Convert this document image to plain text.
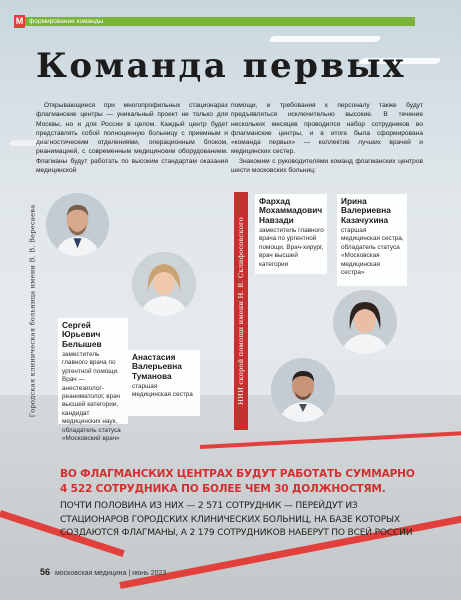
M формирование команды
Команда первых

Открывающиеся при многопрофильных стационарах флагманские центры — уникальный проект не только для Москвы, но и для России в целом. Каждый центр будет представлять собой полноценную больницу с приемным и диагностическим отделениями, операционным блоком, реанимацией, с современным медицинским оборудованием. Флагманы будут работать по высоким стандартам оказания медицинской

помощи, и требования к персоналу также будут предъявляться исключительно высокие. В течение нескольких месяцев проводился набор сотрудников во флагманские центры, и в итоге была сформирована «команда первых» — коллектив лучших врачей и медицинских сестер.

Знакомим с руководителями команд флагманских центров шести московских больниц:

Городская клиническая больница имени В. В. Вересаева	НИИ скорой помощи имени Н. В. Склифосовского
Сергей Юрьевич Белышев
заместитель главного врача по ургентной помощи. Врач — анестезиолог-реаниматолог, врач высшей категории, кандидат медицинских наук, обладатель статуса «Московский врач»
Анастасия Валерьевна Туманова
старшая медицинская сестра
Фархад Мохаммадович Навзади
заместитель главного врача по ургентной помощи. Врач-хирург, врач высшей категории
Ирина Валериевна Казачухина
старшая медицинская сестра, обладатель статуса «Московская медицинская сестра»
ВО ФЛАГМАНСКИХ ЦЕНТРАХ БУДУТ РАБОТАТЬ СУММАРНО 4 522 СОТРУДНИКА ПО БОЛЕЕ ЧЕМ 30 ДОЛЖНОСТЯМ.
ПОЧТИ ПОЛОВИНА ИЗ НИХ — 2 571 СОТРУДНИК — ПЕРЕЙДУТ ИЗ СТАЦИОНАРОВ ГОРОДСКИХ КЛИНИЧЕСКИХ БОЛЬНИЦ, НА БАЗЕ КОТОРЫХ СОЗДАЮТСЯ ФЛАГМАНЫ, А 2 179 СОТРУДНИКОВ НАБЕРУТ ПО ВСЕЙ РОССИИ
56 московская медицина | июнь 2023
